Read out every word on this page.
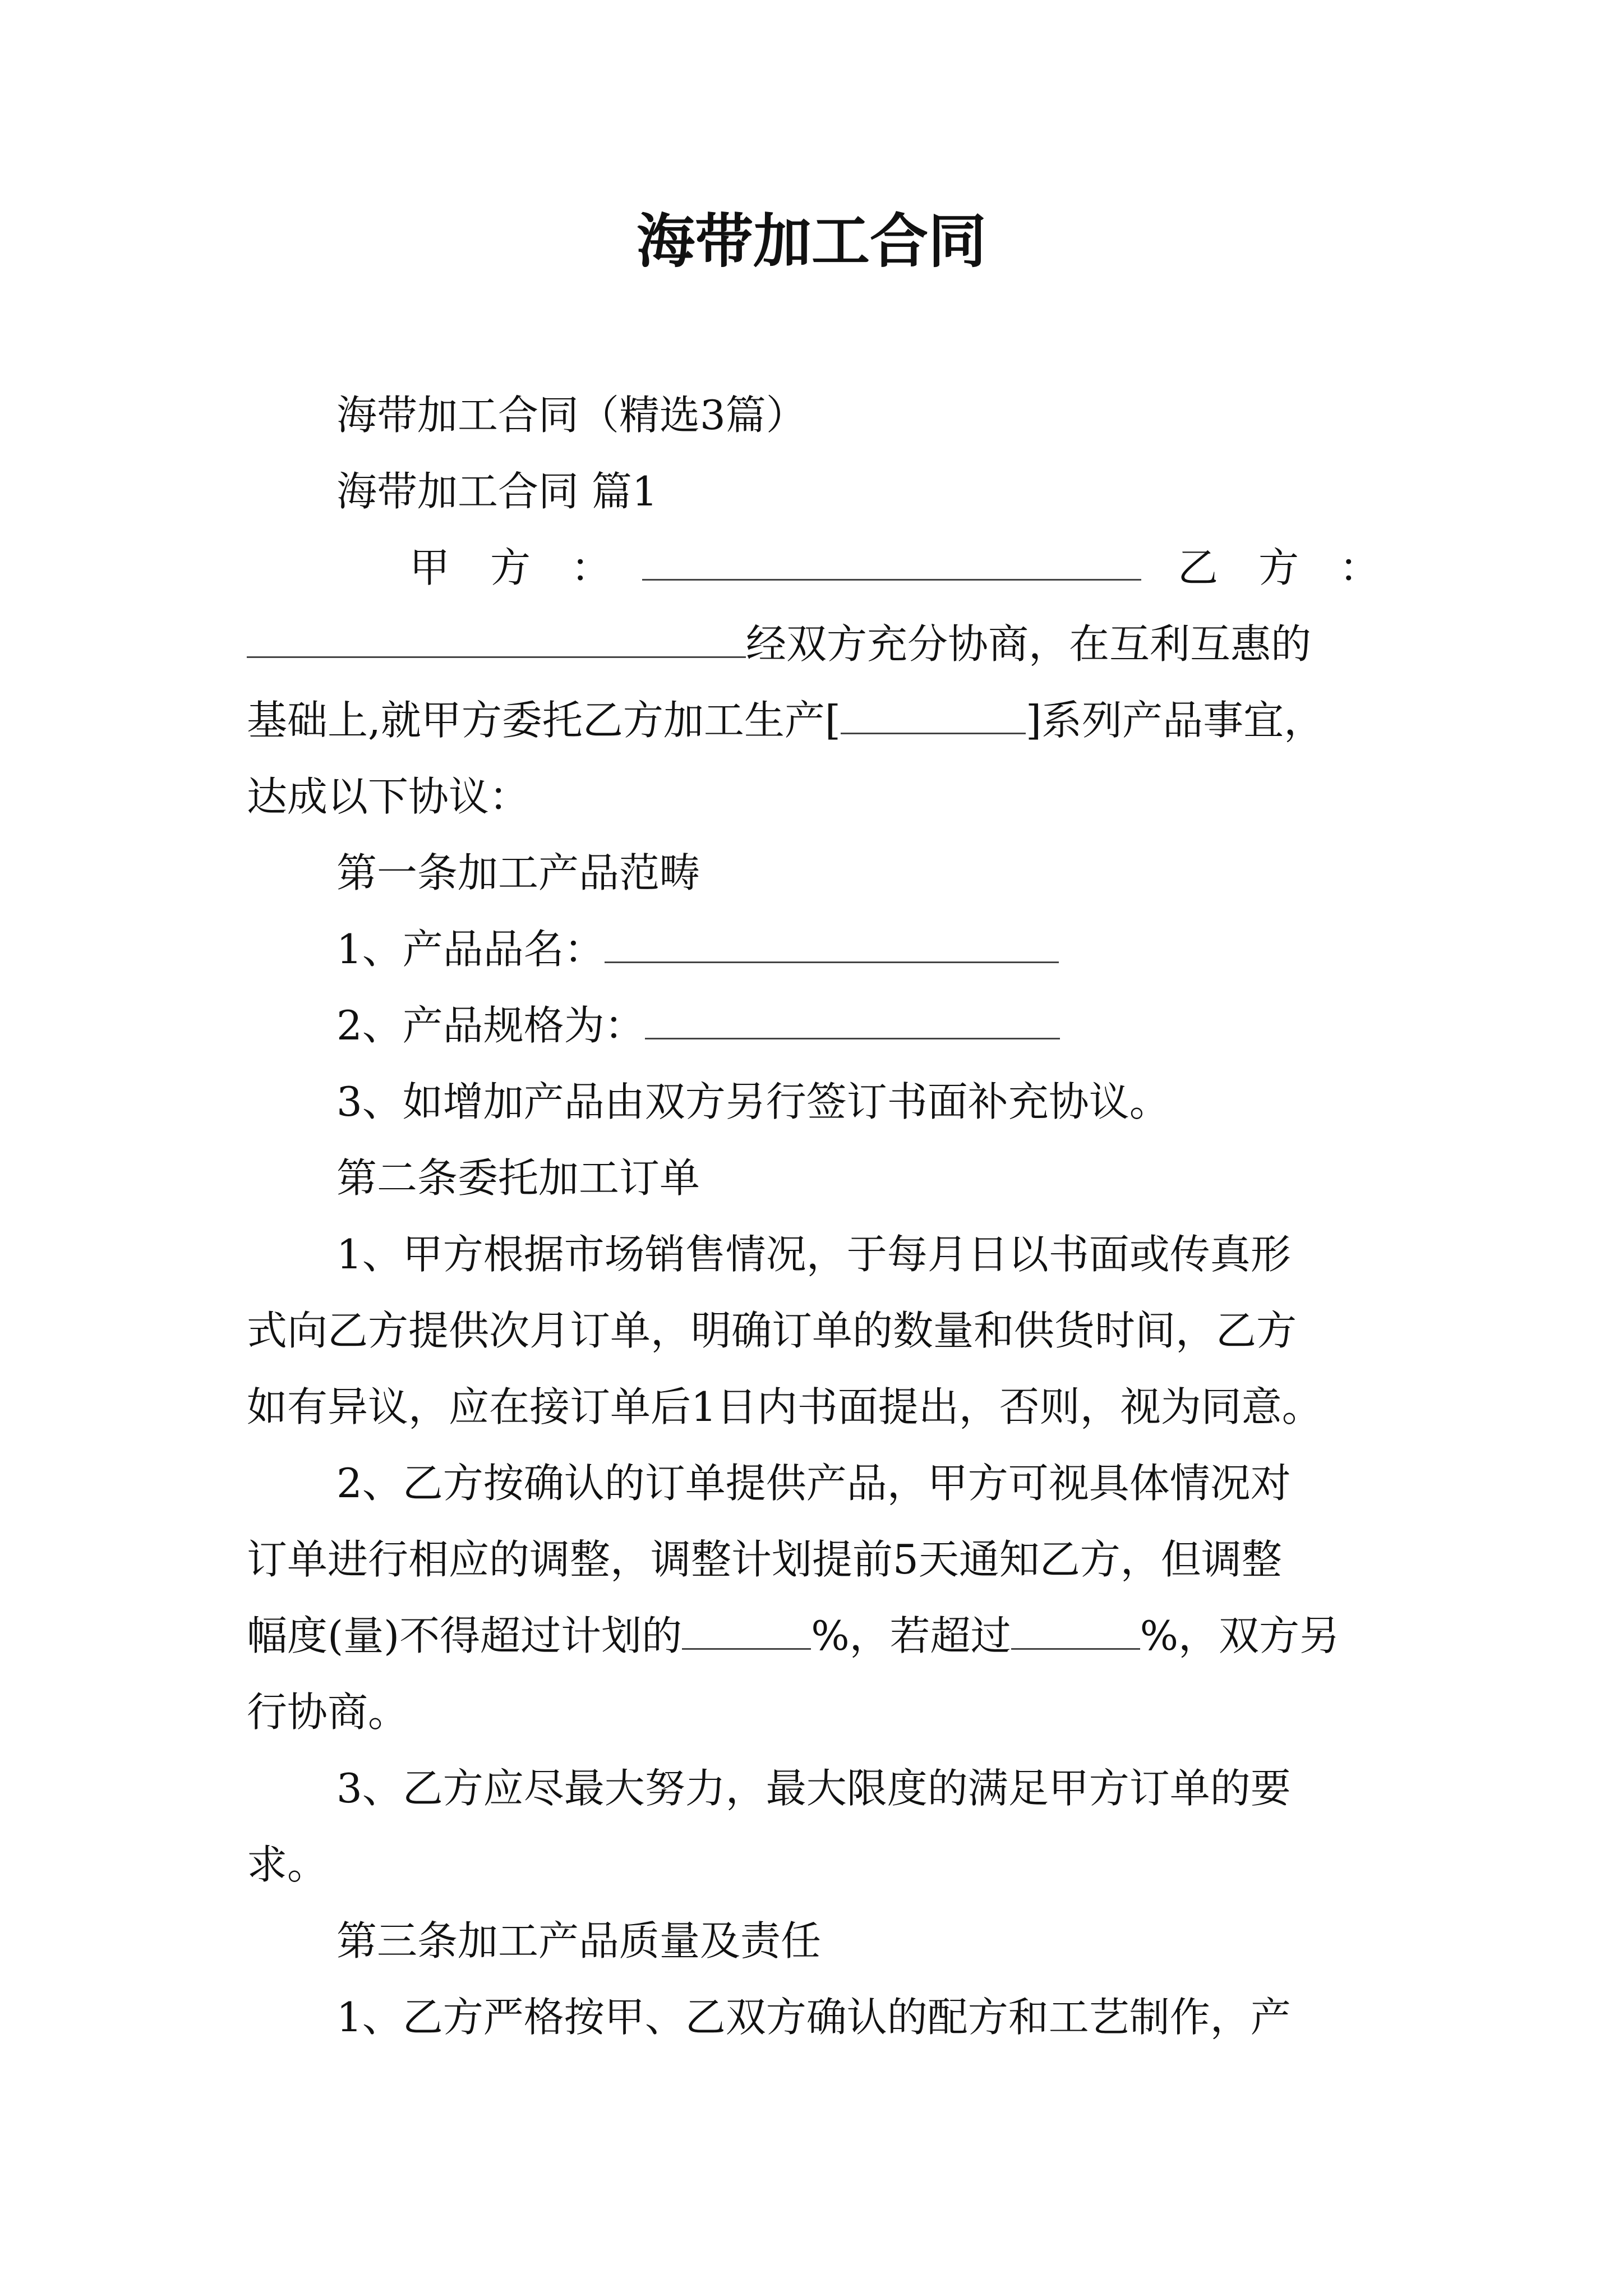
海带加工合同
海带加工合同（精选3篇）
海带加工合同 篇1
甲　方　：	乙　方　：
经双方充分协商，在互利互惠的
基础上,就甲方委托乙方加工生产[	]系列产品事宜，
达成以下协议：
第一条加工产品范畴
1、产品品名：
2、产品规格为：
3、如增加产品由双方另行签订书面补充协议。
第二条委托加工订单
1、甲方根据市场销售情况，于每月日以书面或传真形
式向乙方提供次月订单，明确订单的数量和供货时间，乙方
如有异议，应在接订单后1日内书面提出，否则，视为同意。
2、乙方按确认的订单提供产品，甲方可视具体情况对
订单进行相应的调整，调整计划提前5天通知乙方，但调整
幅度(量)不得超过计划的	%，若超过	%，双方另
行协商。
3、乙方应尽最大努力，最大限度的满足甲方订单的要
求。
第三条加工产品质量及责任
1、乙方严格按甲、乙双方确认的配方和工艺制作，产
